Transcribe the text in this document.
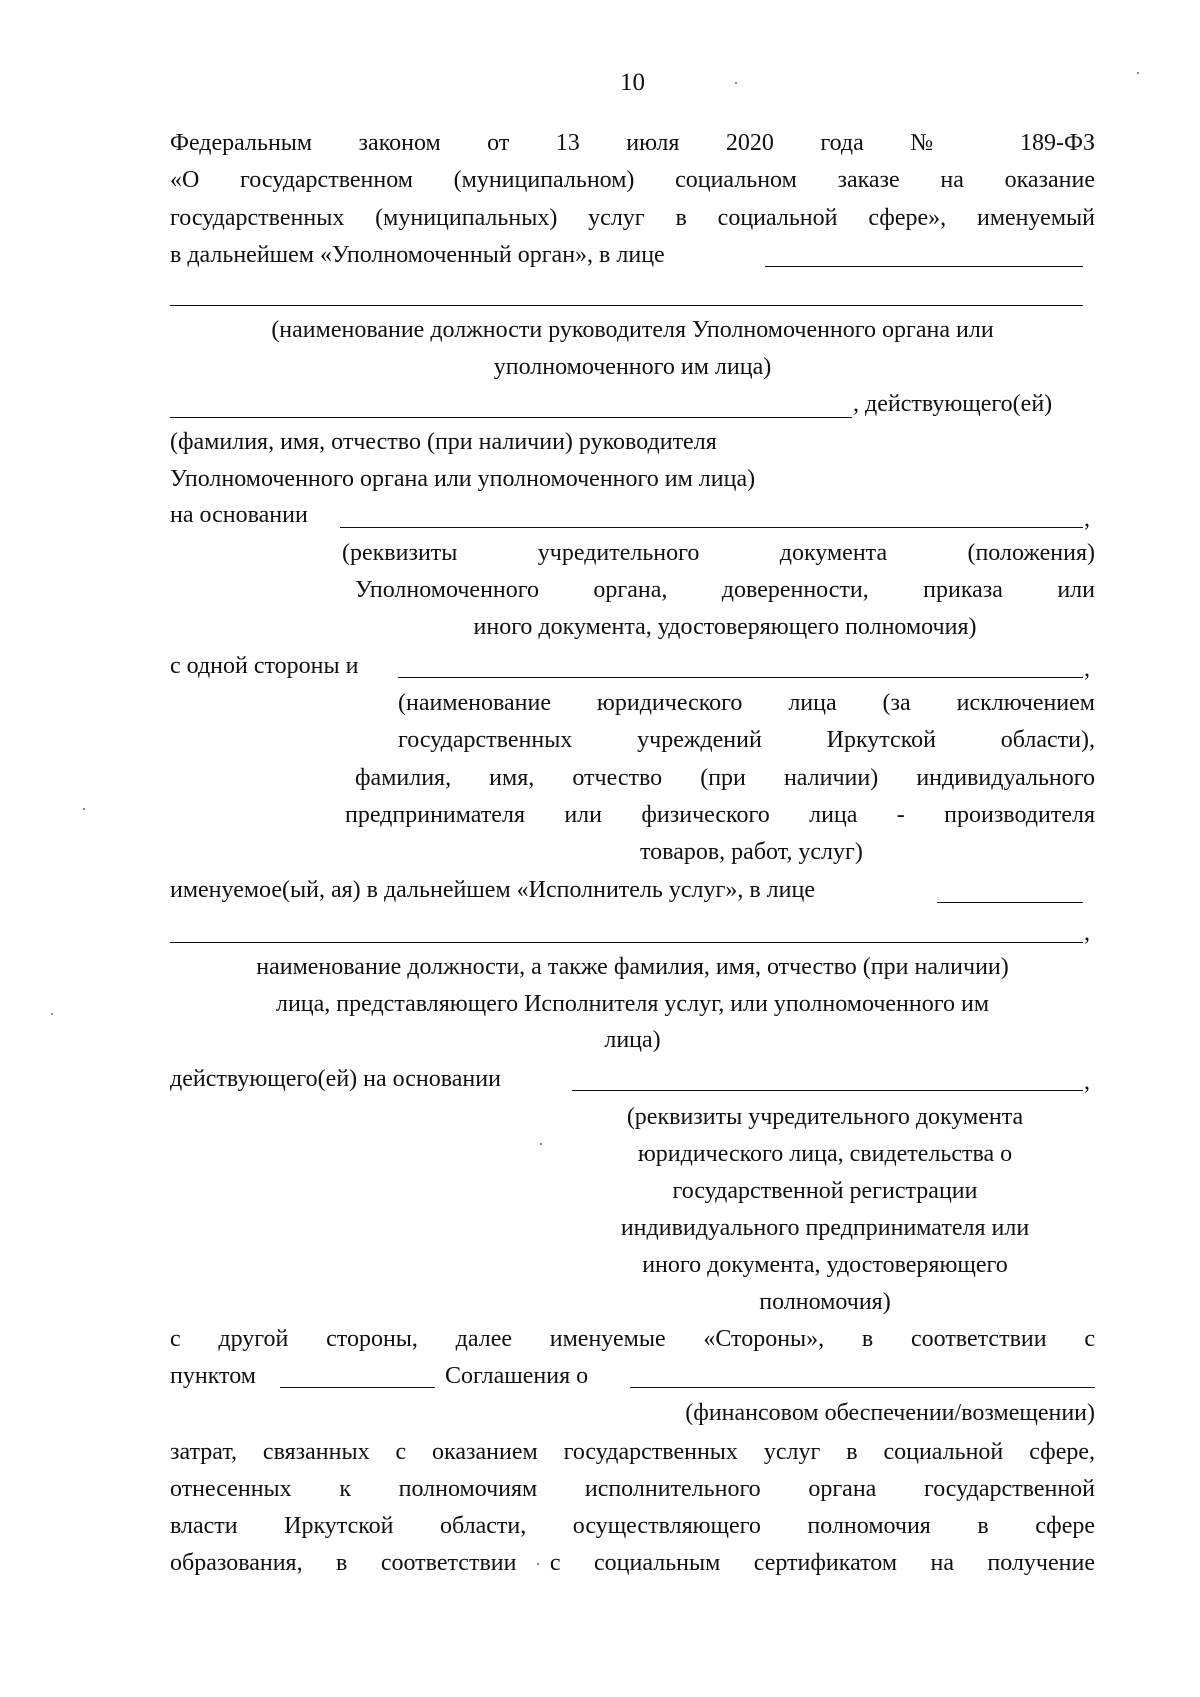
10
Федеральным законом от 13 июля 2020 года № 189-ФЗ
«О государственном (муниципальном) социальном заказе на оказание
государственных (муниципальных) услуг в социальной сфере», именуемый
в дальнейшем «Уполномоченный орган», в лице
(наименование должности руководителя Уполномоченного органа или
уполномоченного им лица)
, действующего(ей)
(фамилия, имя, отчество (при наличии) руководителя
Уполномоченного органа или уполномоченного им лица)
на основании	,
(реквизиты учредительного документа (положения)
Уполномоченного органа, доверенности, приказа или
иного документа, удостоверяющего полномочия)
с одной стороны и	,
(наименование юридического лица (за исключением
государственных учреждений Иркутской области),
фамилия, имя, отчество (при наличии) индивидуального
предпринимателя или физического лица - производителя
товаров, работ, услуг)
именуемое(ый, ая) в дальнейшем «Исполнитель услуг», в лице
,
наименование должности, а также фамилия, имя, отчество (при наличии)
лица, представляющего Исполнителя услуг, или уполномоченного им
лица)
действующего(ей) на основании	,
(реквизиты учредительного документа
юридического лица, свидетельства о
государственной регистрации
индивидуального предпринимателя или
иного документа, удостоверяющего
полномочия)
с другой стороны, далее именуемые «Стороны», в соответствии с
пунктом	Соглашения о
(финансовом обеспечении/возмещении)
затрат, связанных с оказанием государственных услуг в социальной сфере,
отнесенных к полномочиям исполнительного органа государственной
власти Иркутской области, осуществляющего полномочия в сфере
образования, в соответствии с социальным сертификатом на получение
